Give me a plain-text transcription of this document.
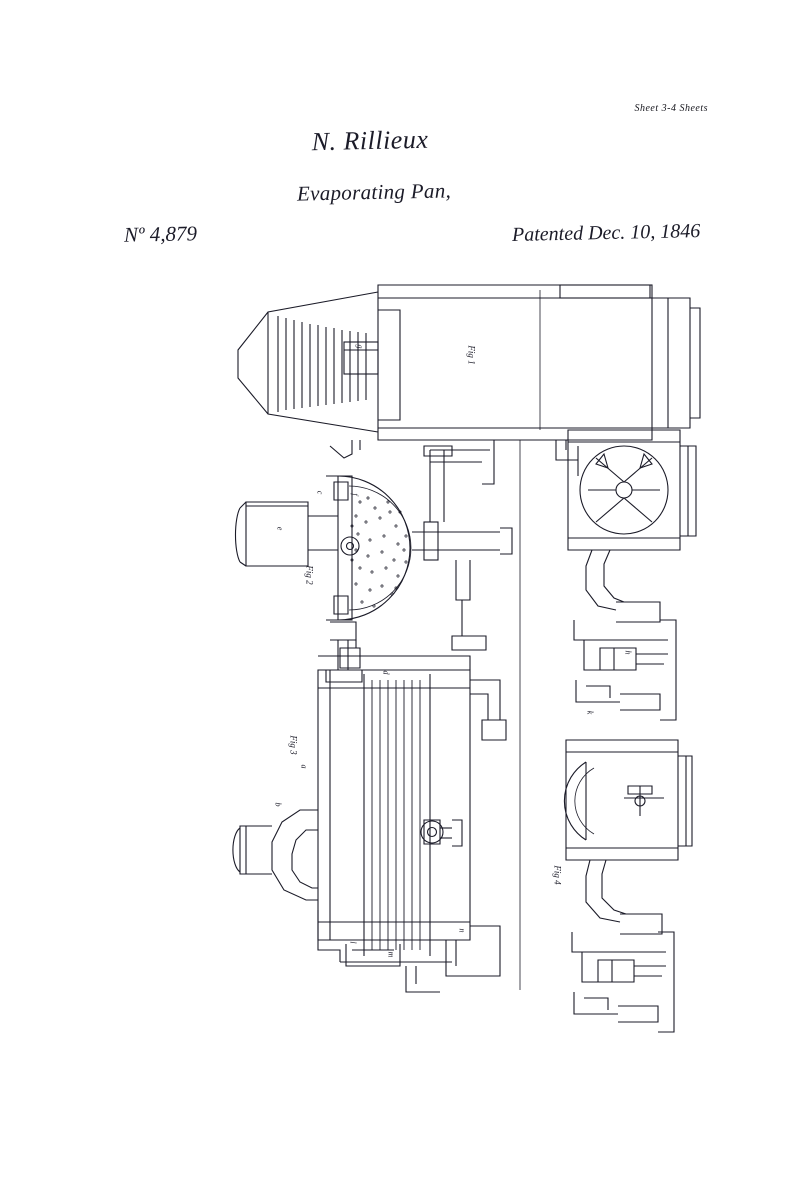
Sheet 3-4 Sheets
N. Rillieux
Evaporating Pan,
Nº 4,879	Patented Dec. 10, 1846
Fig 1
Fig 2
Fig 3
Fig 4
e
f
c
d
a
b
g
h
k
l
m
n
